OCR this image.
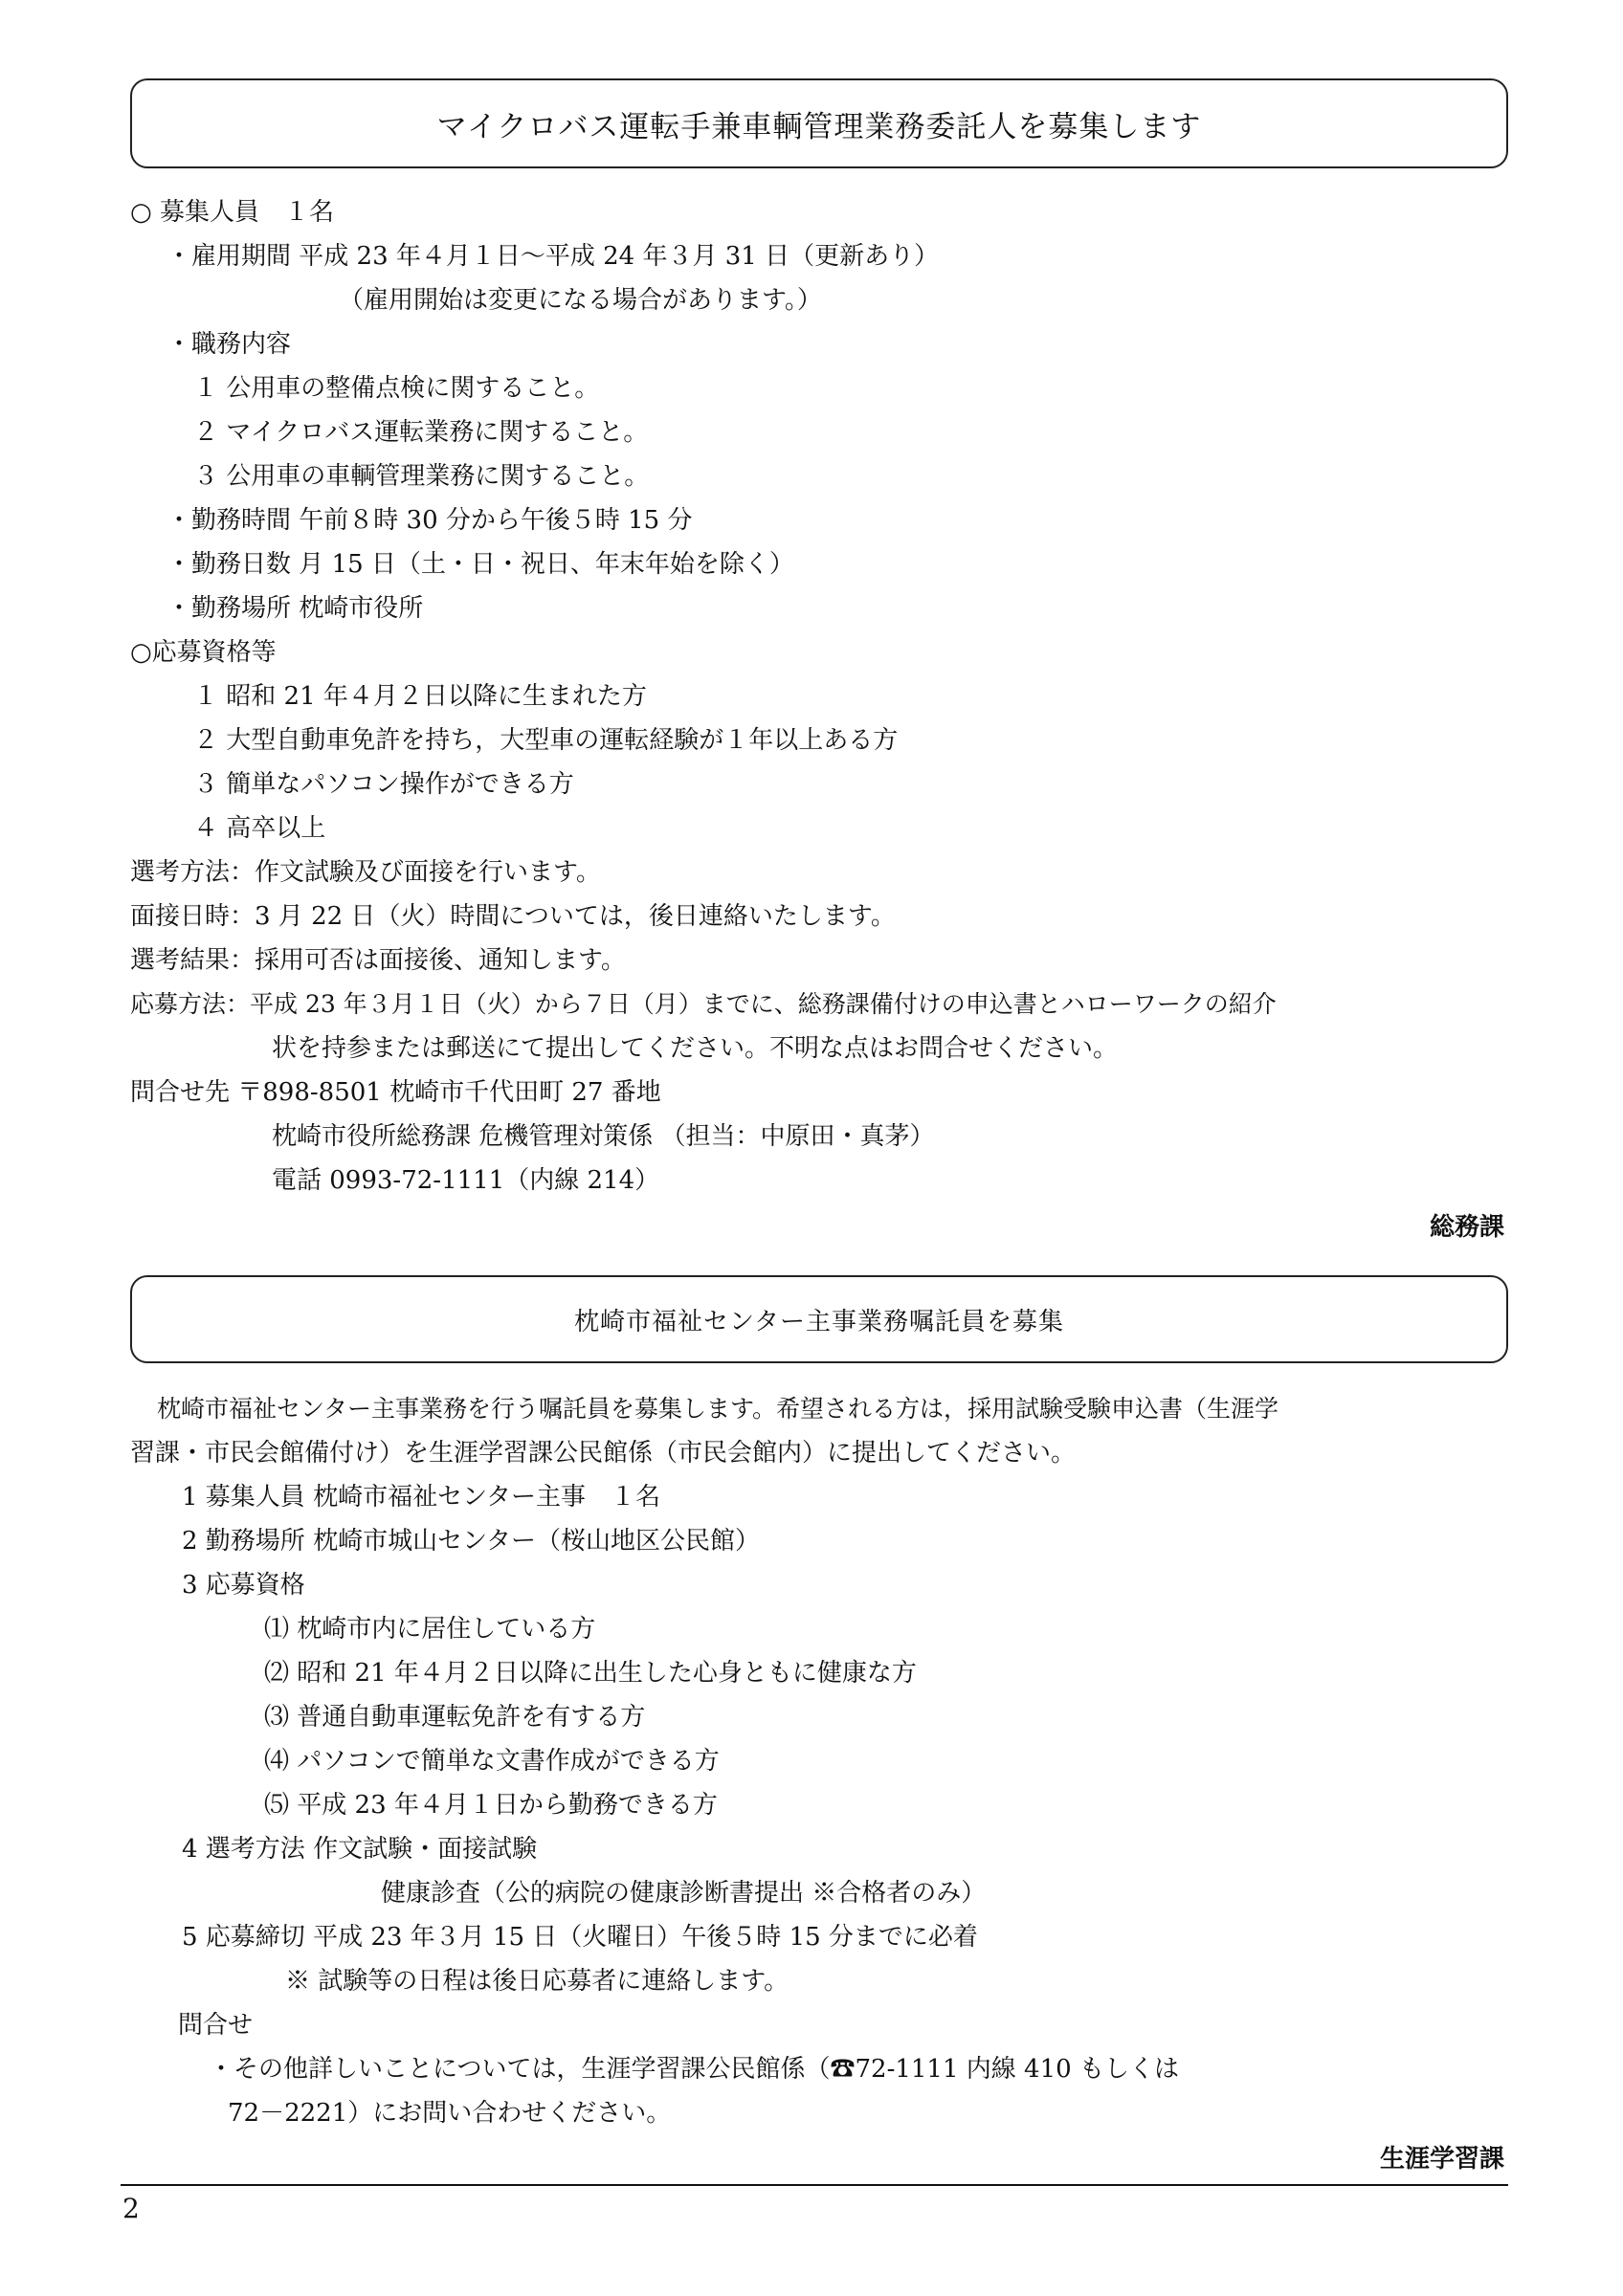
マイクロバス運転手兼車輌管理業務委託人を募集します
○ 募集人員　１名
・雇用期間 平成 23 年４月１日～平成 24 年３月 31 日（更新あり）
（雇用開始は変更になる場合があります。）
・職務内容
１ 公用車の整備点検に関すること。
２ マイクロバス運転業務に関すること。
３ 公用車の車輌管理業務に関すること。
・勤務時間 午前８時 30 分から午後５時 15 分
・勤務日数 月 15 日（土・日・祝日、年末年始を除く）
・勤務場所 枕崎市役所
○応募資格等
１ 昭和 21 年４月２日以降に生まれた方
２ 大型自動車免許を持ち，大型車の運転経験が１年以上ある方
３ 簡単なパソコン操作ができる方
４ 高卒以上
選考方法：作文試験及び面接を行います。
面接日時：3 月 22 日（火）時間については，後日連絡いたします。
選考結果：採用可否は面接後、通知します。
応募方法：平成 23 年３月１日（火）から７日（月）までに、総務課備付けの申込書とハローワークの紹介
状を持参または郵送にて提出してください。不明な点はお問合せください。
問合せ先 〒898-8501 枕崎市千代田町 27 番地
枕崎市役所総務課 危機管理対策係 （担当：中原田・真茅）
電話 0993-72-1111（内線 214）
総務課
枕崎市福祉センター主事業務嘱託員を募集
枕崎市福祉センター主事業務を行う嘱託員を募集します。希望される方は，採用試験受験申込書（生涯学
習課・市民会館備付け）を生涯学習課公民館係（市民会館内）に提出してください。
1 募集人員 枕崎市福祉センター主事　１名
2 勤務場所 枕崎市城山センター（桜山地区公民館）
3 応募資格
⑴ 枕崎市内に居住している方
⑵ 昭和 21 年４月２日以降に出生した心身ともに健康な方
⑶ 普通自動車運転免許を有する方
⑷ パソコンで簡単な文書作成ができる方
⑸ 平成 23 年４月１日から勤務できる方
4 選考方法 作文試験・面接試験
健康診査（公的病院の健康診断書提出 ※合格者のみ）
5 応募締切 平成 23 年３月 15 日（火曜日）午後５時 15 分までに必着
※ 試験等の日程は後日応募者に連絡します。
問合せ
・その他詳しいことについては，生涯学習課公民館係（☎72-1111 内線 410 もしくは
72－2221）にお問い合わせください。
生涯学習課
2
